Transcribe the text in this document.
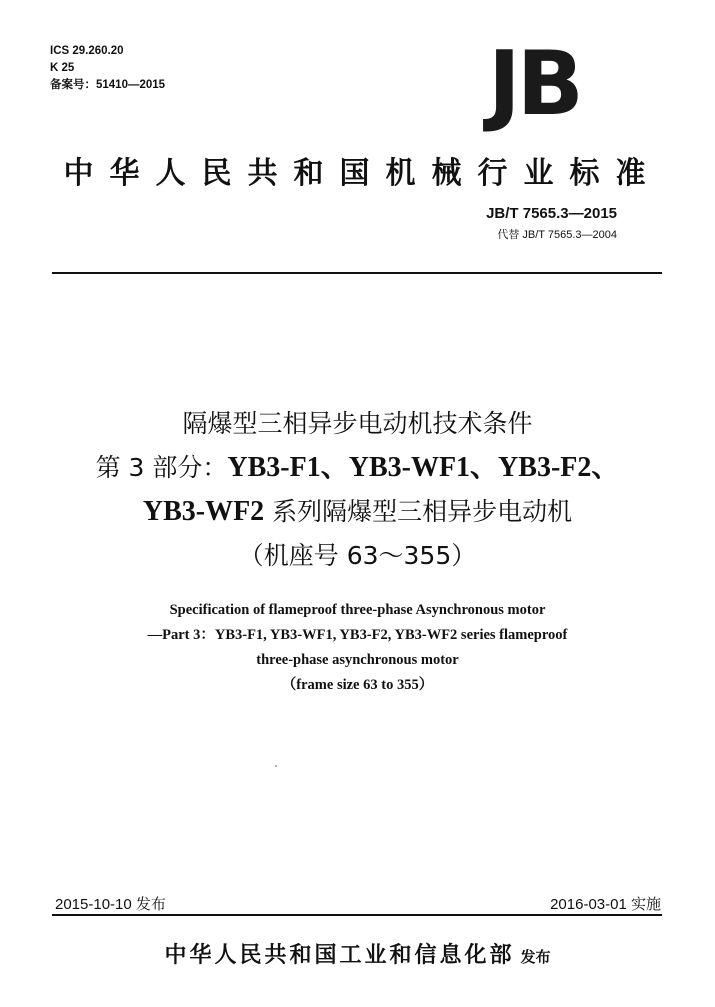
ICS 29.260.20
K 25
备案号：51410—2015	JB
中华人民共和国机械行业标准
JB/T 7565.3—2015
代替 JB/T 7565.3—2004
隔爆型三相异步电动机技术条件
第 3 部分：YB3-F1、YB3-WF1、YB3-F2、
YB3-WF2 系列隔爆型三相异步电动机
（机座号 63～355）
Specification of flameproof three-phase Asynchronous motor
—Part 3：YB3-F1, YB3-WF1, YB3-F2, YB3-WF2 series flameproof
three-phase asynchronous motor
（frame size 63 to 355）
2015-10-10 发布	2016-03-01 实施
中华人民共和国工业和信息化部 发布
